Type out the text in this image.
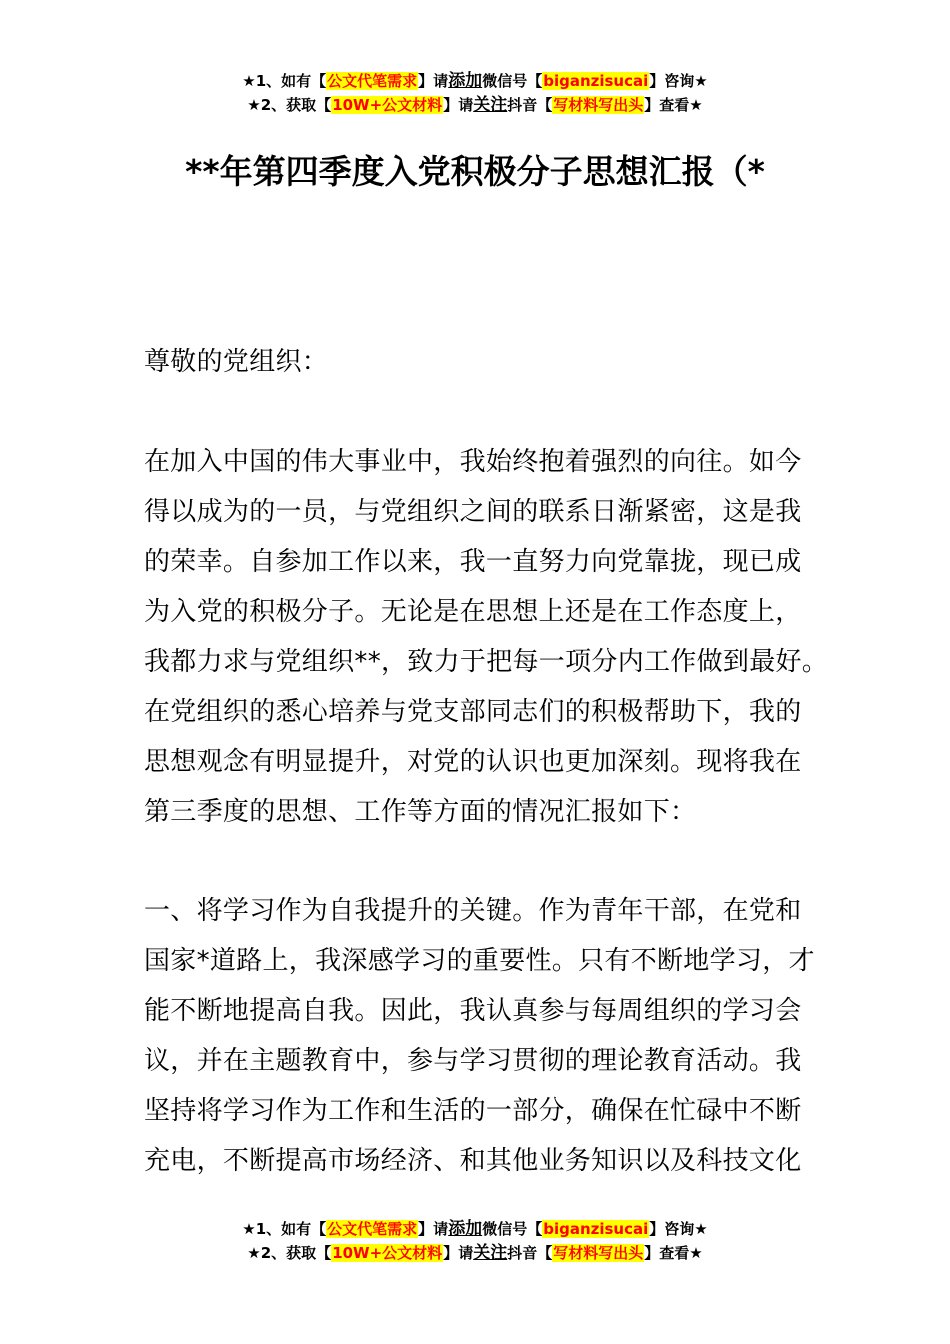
★1、如有【公文代笔需求】请添加微信号【biganzisucai】咨询★
★2、获取【10W+公文材料】请关注抖音【写材料写出头】查看★
**年第四季度入党积极分子思想汇报（*
尊敬的党组织：
在加入中国的伟大事业中，我始终抱着强烈的向往。如今
得以成为的一员，与党组织之间的联系日渐紧密，这是我
的荣幸。自参加工作以来，我一直努力向党靠拢，现已成
为入党的积极分子。无论是在思想上还是在工作态度上，
我都力求与党组织**，致力于把每一项分内工作做到最好。
在党组织的悉心培养与党支部同志们的积极帮助下，我的
思想观念有明显提升，对党的认识也更加深刻。现将我在
第三季度的思想、工作等方面的情况汇报如下：
一、将学习作为自我提升的关键。作为青年干部，在党和
国家*道路上，我深感学习的重要性。只有不断地学习，才
能不断地提高自我。因此，我认真参与每周组织的学习会
议，并在主题教育中，参与学习贯彻的理论教育活动。我
坚持将学习作为工作和生活的一部分，确保在忙碌中不断
充电，不断提高市场经济、和其他业务知识以及科技文化
★1、如有【公文代笔需求】请添加微信号【biganzisucai】咨询★
★2、获取【10W+公文材料】请关注抖音【写材料写出头】查看★
